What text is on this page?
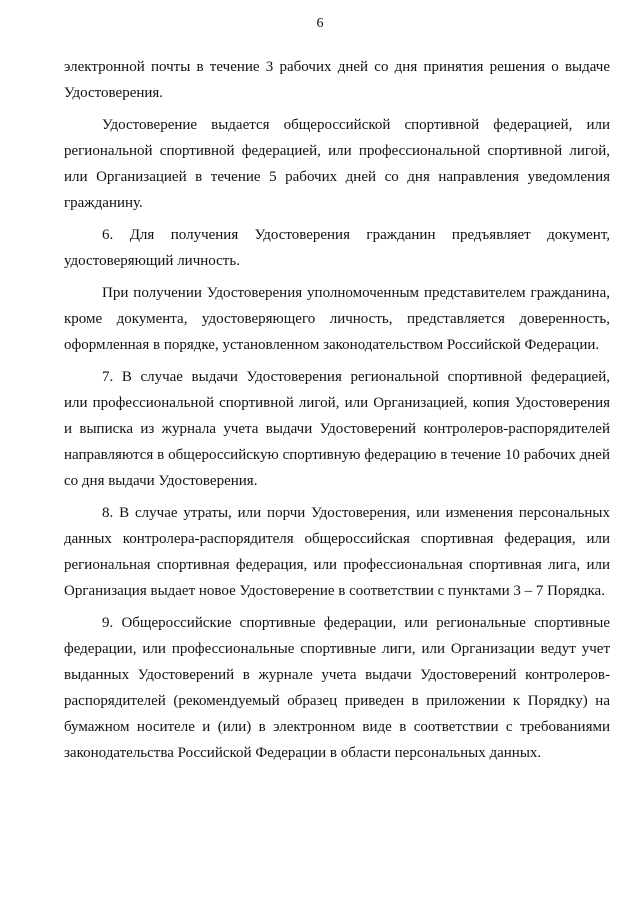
6
электронной почты в течение 3 рабочих дней со дня принятия решения о выдаче
Удостоверения.
Удостоверение выдается общероссийской спортивной федерацией, или
региональной спортивной федерацией, или профессиональной спортивной лигой,
или Организацией в течение 5 рабочих дней со дня направления уведомления
гражданину.
6. Для получения Удостоверения гражданин предъявляет документ,
удостоверяющий личность.
При получении Удостоверения уполномоченным представителем гражданина,
кроме документа, удостоверяющего личность, представляется доверенность,
оформленная в порядке, установленном законодательством Российской Федерации.
7. В случае выдачи Удостоверения региональной спортивной федерацией,
или профессиональной спортивной лигой, или Организацией, копия Удостоверения
и выписка из журнала учета выдачи Удостоверений контролеров-распорядителей
направляются в общероссийскую спортивную федерацию в течение 10 рабочих дней
со дня выдачи Удостоверения.
8. В случае утраты, или порчи Удостоверения, или изменения персональных
данных контролера-распорядителя общероссийская спортивная федерация, или
региональная спортивная федерация, или профессиональная спортивная лига, или
Организация выдает новое Удостоверение в соответствии с пунктами 3 – 7 Порядка.
9. Общероссийские спортивные федерации, или региональные спортивные
федерации, или профессиональные спортивные лиги, или Организации ведут учет
выданных Удостоверений в журнале учета выдачи Удостоверений контролеров-
распорядителей (рекомендуемый образец приведен в приложении к Порядку) на
бумажном носителе и (или) в электронном виде в соответствии с требованиями
законодательства Российской Федерации в области персональных данных.
